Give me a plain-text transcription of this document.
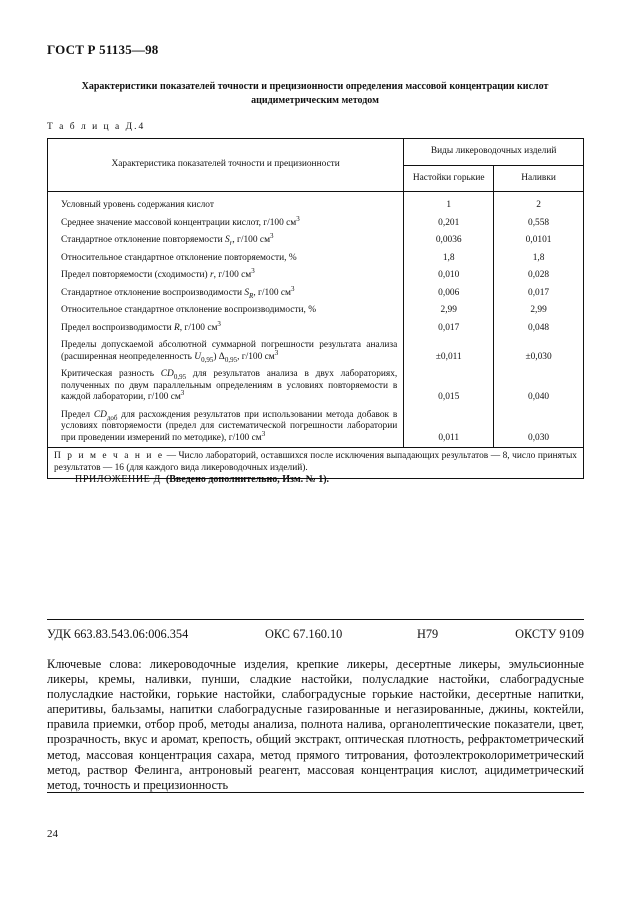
ГОСТ Р 51135—98
Характеристики показателей точности и прецизионности определения массовой концентрации кислот ацидиметрическим методом
Т а б л и ц а Д.4
Характеристика показателей точности и прецизионности	Виды ликероводочных изделий	
	Настойки горькие	Наливки
Условный уровень содержания кислот	1	2
Среднее значение массовой концентрации кислот, г/100 $см^3$	0,201	0,558
Стандартное отклонение повторяемости $S_r$, г/100 $см^3$	0,0036	0,0101
Относительное стандартное отклонение повторяемости, %	1,8	1,8
Предел повторяемости (сходимости) r, г/100 $см^3$	0,010	0,028
Стандартное отклонение воспроизводимости $S_R$, г/100 $см^3$	0,006	0,017
Относительное стандартное отклонение воспроизводимости, %	2,99	2,99
Предел воспроизводимости R, г/100 $см^3$	0,017	0,048
Пределы допускаемой абсолютной суммарной погрешности результата анализа (расширенная неопределенность $U_{0,95}$) $\Delta_{0,95}$, г/100 $см^3$	±0,011	±0,030
Критическая разность $CD_{0,95}$ для результатов анализа в двух лабораториях, полученных по двум параллельным определениям в условиях повторяемости в каждой лаборатории, г/100 $см^3$	0,015	0,040
Предел $CD_{доб}$ для расхождения результатов при использовании метода добавок в условиях повторяемости (предел для систематической погрешности лаборатории при проведении измерений по методике), г/100 $см^3$	0,011	0,030
П р и м е ч а н и е — Число лабораторий, оставшихся после исключения выпадающих результатов — 8, число принятых результатов — 16 (для каждого вида ликероводочных изделий).		
ПРИЛОЖЕНИЕ Д (Введено дополнительно, Изм. № 1).
УДК 663.83.543.06:006.354	ОКС 67.160.10	Н79	ОКСТУ 9109
Ключевые слова: ликероводочные изделия, крепкие ликеры, десертные ликеры, эмульсионные ликеры, кремы, наливки, пунши, сладкие настойки, полусладкие настойки, слабоградусные полусладкие настойки, горькие настойки, слабоградусные горькие настойки, десертные напитки, аперитивы, бальзамы, напитки слабоградусные газированные и негазированные, джины, коктейли, правила приемки, отбор проб, методы анализа, полнота налива, органолептические показатели, цвет, прозрачность, вкус и аромат, крепость, общий экстракт, оптическая плотность, рефрактометрический метод, массовая концентрация сахара, метод прямого титрования, фотоэлектроколориметрический метод, раствор Фелинга, антроновый реагент, массовая концентрация кислот, ацидиметрический метод, точность и прецизионность
24
